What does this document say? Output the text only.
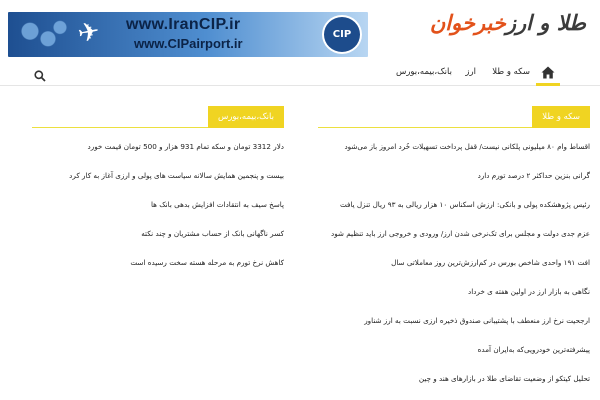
طلا و ارزخبرخوان
✈ www.IranCIP.ir
www.CIPairport.ir
CIP
سکه و طلا
ارز
بانک،بیمه،بورس
سکه و طلا
اقساط وام ۸۰ میلیونی پلکانی نیست/ قفل پرداخت تسهیلات خُرد امروز باز می‌شود
گرانی بنزین حداکثر ۲ درصد تورم دارد
رئیس پژوهشکده پولی و بانکی: ارزش اسکناس ۱۰ هزار ریالی به ۹۳ ریال تنزل یافت
عزم جدی دولت و مجلس برای تک‌نرخی شدن ارز/ ورودی و خروجی ارز باید تنظیم شود
افت ۱۹۱ واحدی شاخص بورس در کم‌ارزش‌ترین روز معاملاتی سال
نگاهی به بازار ارز در اولین هفته ی خرداد
ارجحیت نرخ ارز منعطف با پشتیبانی صندوق ذخیره ارزی نسبت به ارز شناور
پیشرفته‌ترین خودرویی‌که به‌ایران آمده
تحلیل کیتکو از وضعیت تقاضای طلا در بازارهای هند و چین
بانک،بیمه،بورس
دلار 3312 تومان و سکه تمام 931 هزار و 500 تومان قیمت خورد
بیست و پنجمین همایش سالانه سیاست های پولی و ارزی آغاز به کار کرد
پاسخ سیف به انتقادات افزایش بدهی بانک ها
کسر ناگهانی بانک از حساب مشتریان و چند نکته
کاهش نرخ تورم به مرحله هسته سخت رسیده است
